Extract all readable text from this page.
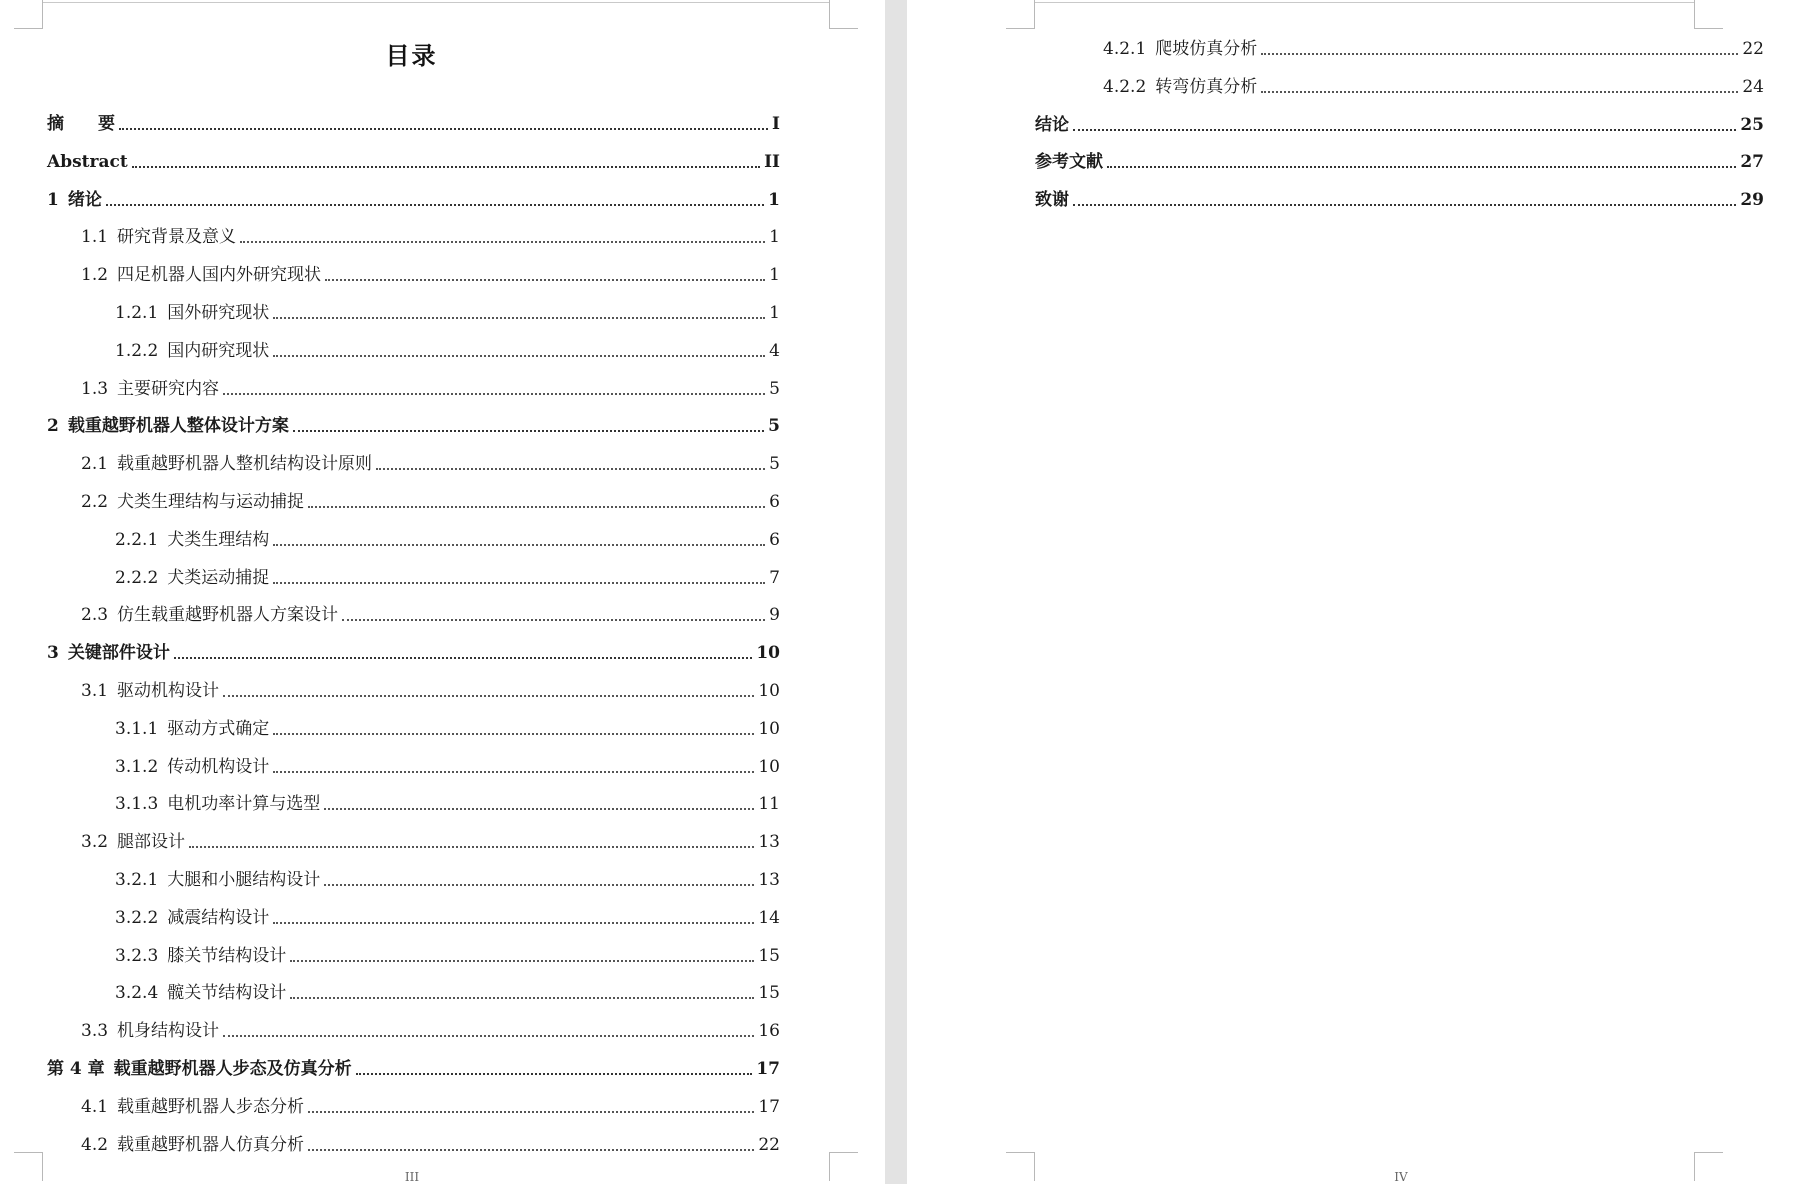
目录
摘　　要	I
Abstract	II
1 绪论	1
1.1 研究背景及意义	1
1.2 四足机器人国内外研究现状	1
1.2.1 国外研究现状	1
1.2.2 国内研究现状	4
1.3 主要研究内容	5
2 载重越野机器人整体设计方案	5
2.1 载重越野机器人整机结构设计原则	5
2.2 犬类生理结构与运动捕捉	6
2.2.1 犬类生理结构	6
2.2.2 犬类运动捕捉	7
2.3 仿生载重越野机器人方案设计	9
3 关键部件设计	10
3.1 驱动机构设计	10
3.1.1 驱动方式确定	10
3.1.2 传动机构设计	10
3.1.3 电机功率计算与选型	11
3.2 腿部设计	13
3.2.1 大腿和小腿结构设计	13
3.2.2 减震结构设计	14
3.2.3 膝关节结构设计	15
3.2.4 髋关节结构设计	15
3.3 机身结构设计	16
第 4 章 载重越野机器人步态及仿真分析	17
4.1 载重越野机器人步态分析	17
4.2 载重越野机器人仿真分析	22
III
4.2.1 爬坡仿真分析	22
4.2.2 转弯仿真分析	24
结论	25
参考文献	27
致谢	29
IV
